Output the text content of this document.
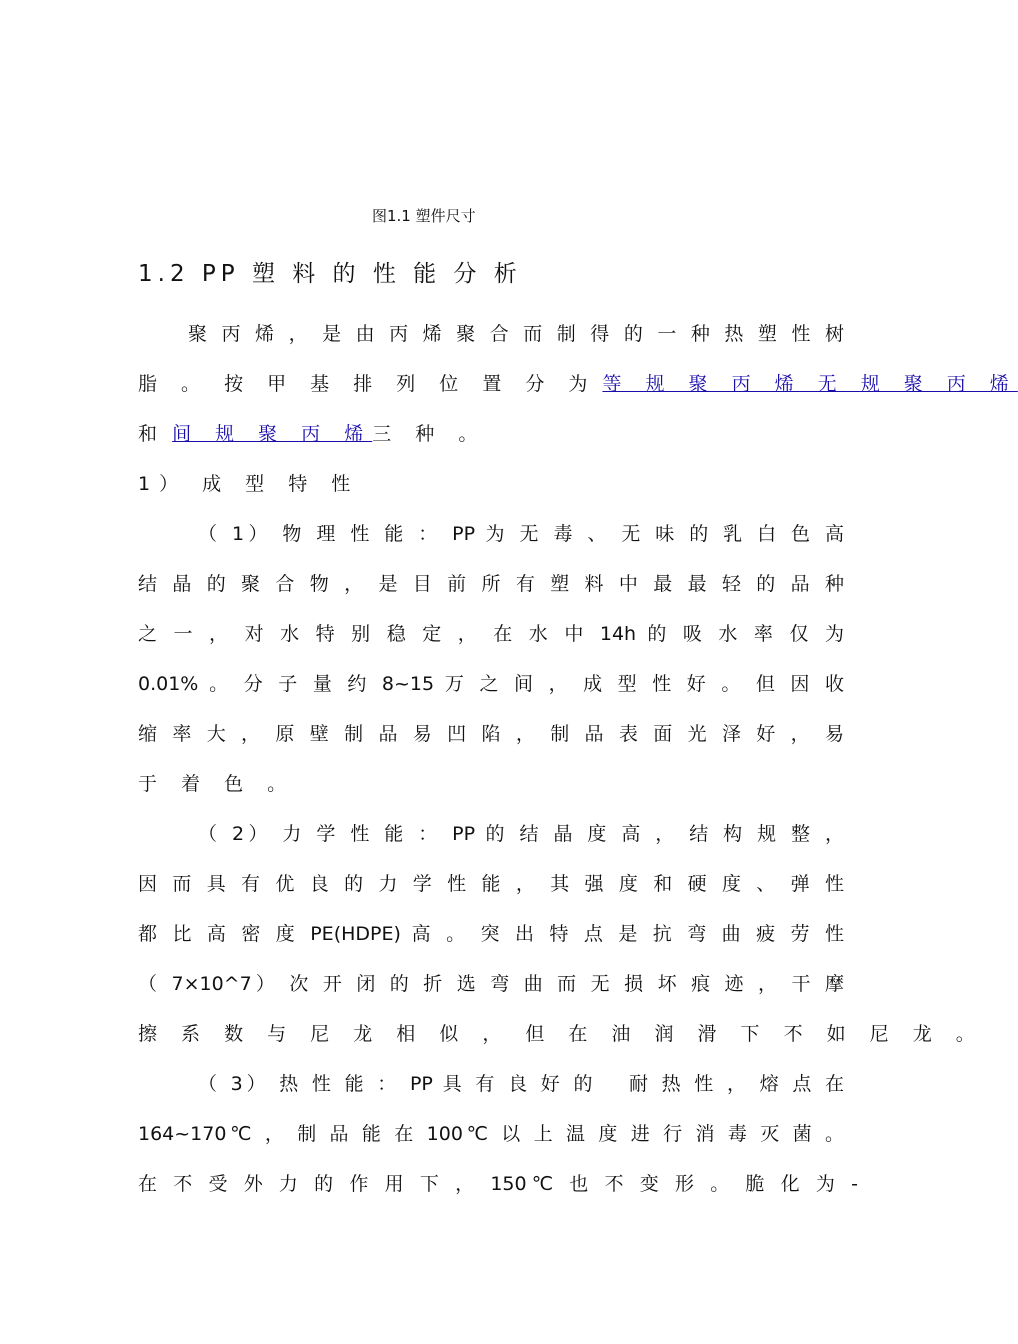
图1.1 塑件尺寸
1.2 PP 塑 料 的 性 能 分 析
聚 丙 烯 ， 是 由 丙 烯 聚 合 而 制 得 的 一 种 热 塑 性 树
脂 。 按 甲 基 排 列 位 置 分 为 等 规 聚 丙 烯 无 规 聚 丙 烯
和 间 规 聚 丙 烯三 种 。
1） 成 型 特 性
（ 1） 物 理 性 能 ： PP 为 无 毒 、 无 味 的 乳 白 色 高
结 晶 的 聚 合 物 ， 是 目 前 所 有 塑 料 中 最 最 轻 的 品 种
之 一 ， 对 水 特 别 稳 定 ， 在 水 中 14h 的 吸 水 率 仅 为
0.01% 。 分 子 量 约 8~15 万 之 间 ， 成 型 性 好 。 但 因 收
缩 率 大 ， 原 壁 制 品 易 凹 陷 ， 制 品 表 面 光 泽 好 ， 易
于 着 色 。
（ 2） 力 学 性 能 ： PP 的 结 晶 度 高 ， 结 构 规 整 ，
因 而 具 有 优 良 的 力 学 性 能 ， 其 强 度 和 硬 度 、 弹 性
都 比 高 密 度 PE(HDPE) 高 。 突 出 特 点 是 抗 弯 曲 疲 劳 性
（ 7×10^7） 次 开 闭 的 折 选 弯 曲 而 无 损 坏 痕 迹 ， 干 摩
擦 系 数 与 尼 龙 相 似 ， 但 在 油 润 滑 下 不 如 尼 龙 。
（ 3） 热 性 能 ： PP 具 有 良 好 的 　耐 热 性 ， 熔 点 在
164~170℃ ， 制 品 能 在 100℃ 以 上 温 度 进 行 消 毒 灭 菌 。
在 不 受 外 力 的 作 用 下 ， 150℃ 也 不 变 形 。 脆 化 为 -
